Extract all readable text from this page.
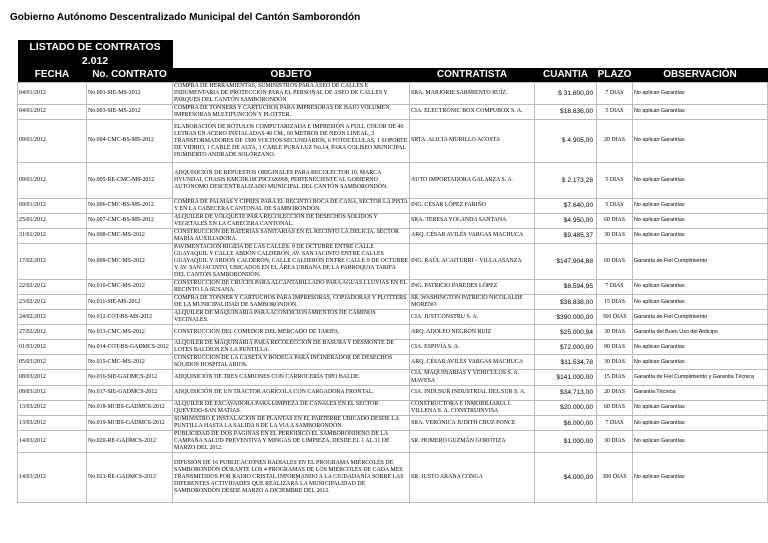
Gobierno Autónomo Descentralizado Municipal del Cantón Samborondón
LISTADO DE CONTRATOS 2.012						
FECHA	No. CONTRATO	OBJETO	CONTRATISTA	CUANTIA	PLAZO	OBSERVACIÓN
04/01/2012	No.001-SIE-MS-2012	COMPRA DE HERRAMIENTAS, SUMINISTROS PARA ASEO DE CALLES E INDUMENTARIA DE PROTECCIÓN PARA EL PERSONAL DE ASEO DE CALLES Y PARQUES DEL CANTÓN SAMBORONDÓN	SRA. MARJORIE SARMIENTO RUÍZ.	$ 31.600,00	7 DIAS	No aplican Garantías
04/01/2012	No.003-SIE-MS-2012	COMPRA DE TONNERS Y CARTUCHOS PARA IMPRESORAS DE BAJO VOLUMEN, IMPRESORAS MULTIFUNCIÓN Y PLOTTER.	CIA. ELECTRÓNIC BOX COMPUBOX S. A.	$18.636,00	5 DIAS	No aplican Garantías
09/01/2012	No.004-CMC-BS-MS-2012	ELABORACIÓN DE RÓTULOS COMPUTARIZADA E IMPRESIÓN A FULL COLOR DE 40 LETRAS EN ACERO INSTALADAS 40 CM., 60 METROS DE NEÓN LINEAL, 3 TRANSFORMADORES DE 1500 VOLTIOS SECUNDARIOS, 6 FOTOCÉLULAS, 1 SOPORTE DE VIDRIO, 1 CABLE DE ALTA, 1 CABLE PURA LUZ No.14, PARA COLISEO MUNICIPAL HUMBERTO ANDRADE SOLÓRZANO.	SRTA. ALICIA MURILLO ACOSTA	$ 4.905,00	20 DIAS	No aplican Garantías
09/01/2012	No.005-RE-CMC-MS-2012	ADQUISICIÓN DE REPUESTOS ORIGINALES PARA RECOLECTOR 10, MARCA HYUNDAI, CHASIS KMCDK18CP9CO26968, PERTENECIENTE AL GOBIERNO AUTÓNOMO DESCENTRALIZADO MUNICIPAL DEL CANTÓN SAMBORONDÓN.	AUTO IMPORTADORA GALARZA S. A.	$ 2.173,28	5 DIAS	No aplican Garantías
09/01/2012	No.006-CMC-BS-MS-2012	COMPRA DE PALMAS Y CIPRES PARA EL RECINTO BOCA DE CAÑA, SECTOR LA PISTA Y EN LA CABECERA CANTONAL DE SAMBORONDÓN.	ING. CÉSAR LÓPEZ FARIÑO	$7.640,00	5 DIAS	No aplican Garantías
25/01/2012	No.007-CMC-BS-MS-2012	ALQUILER DE VOLQUETE PARA RECOLECCIÓN DE DESECHOS SÓLIDOS Y VEGETALES EN LA CABECERA CANTONAL.	SRA. TERESA YOLANDA SANTANA	$4.950,00	60 DIAS	No aplican Garantías
31/01/2012	No.008-CMC-MS-2012	CONSTRUCCIÓN DE BATERÍAS SANITARIAS EN EL RECINTO LA DELICIA, SECTOR MARÍA AUXILIADORA.	ARQ. CÉSAR AVILÉS VARGAS MACHUCA	$9.485,37	30 DIAS	No aplican Garantías
17/02/2012	No.009-CMC-MS-2012	PAVIMENTACIÓN RÍGIDA DE LAS CALLES: 9 DE OCTUBRE ENTRE CALLE GUAYAQUIL Y CALLE ABDÓN CALDERÓN, AV. SAN JACINTO ENTRE CALLES GUAYAQUIL Y ABDÓN CALDERÓN, CALLE CALDERÓN ENTRE CALLE 9 DE OCTUBRE Y AV. SAN JACINTO, UBICADOS EN EL ÁREA URBANA DE LA PARROQUIA TARIFA DEL CANTÓN SAMBORONDÓN.	ING. RAÚL ACAITURRI – VILLA ASANZA	$147.904,88	60 DIAS	Garantía de Fiel Cumplimiento
22/02/2012	No.010-CMC-MS-2012	CONSTRUCCIÓN DE CRUCES PARA ALCANTARILLADO PARA AGUAS LLUVIAS EN EL RECINTO LA SUSANA.	ING. PATRICIO PAREDES LÓPEZ	$8.594,95	7 DIAS	No aplican Garantías
23/02/2012	No.011-SIE-MS-2012	COMPRA DE TONNER Y CARTUCHOS PARA IMPRESORAS, COPIADORAS Y PLOTTERS DE LA MUNICIPALIDAD DE SAMBORONDÓN.	SR. WASHINGTON PATRICIO NICOLALDE MORENO	$38.838,00	15 DIAS	No aplican Garantías
24/02/2012	No.012-COT-BS-MS-2012	ALQUILER DE MAQUINARIA PARA ACONDICIONAMIENTOS DE CAMINOS VECINALES.	CIA. JUSTCONSTRU S. A.	$390.000,00	360 DIAS	Garantía de Fiel Cumplimiento
27/02/2012	No.013-CMC-MS-2012	CONSTRUCCIÓN DEL COMEDOR DEL MERCADO DE TARIFA.	ARQ. ADOLFO NEGRÓN RUIZ	$25.000,94	30 DIAS	Garantía del Buen Uso del Anticipo
01/03/2012	No.014-COT-BS-GADMCS-2012	ALQUILER DE MAQUINARIA PARA RECOLECCIÓN DE BASURA Y DESMONTE DE LOTES BALDÍOS EN LA PUNTILLA.	CIA. ESPIVÍA S. A.	$72.000,00	90 DIAS	No aplican Garantías
05/03/2012	No.015-CMC-MS-2012	CONSTRUCCIÓN DE LA CASETA Y BODEGA PARA INCINERADOR DE DESECHOS SÓLIDOS HOSPITALARIOS.	ARQ. CÉSAR AVILÉS VARGAS MACHUCA	$11.534,78	30 DIAS	No aplican Garantías
08/03/2012	No.016-SIE-GADMCS-2012	ADQUISICIÓN DE TRES CAMIONES CON CARROCERÍA TIPO BALDE.	CIA. MAQUINARIAS Y VEHÍCULOS S. A. MAVESA	$141.000,00	15 DIAS	Garantía de Fiel Cumplimiento y Garantía Técnica
08/03/2012	No.017-SIE-GADMCS-2012	ADQUISICIÓN DE UN TRACTOR AGRÍCOLA CON CARGADORA FRONTAL.	CIA. INDUSUR INDUSTRIAL DEL SUR S. A.	$34.713,00	20 DIAS	Garantía Técnica
13/03/2012	No.018-MCBS-GADMCS-2012	ALQUILER DE EXCAVADORA PARA LIMPIEZA DE CANALES EN EL SECTOR QUEVEDO-SAN MATÍAS.	CONSTRUCTORA E INMOBILIARIA J. VILLENA S. A. CONSTRUINVISA	$20.000,00	60 DIAS	No aplican Garantías
13/03/2012	No.019-MCBS-GADMCS-2012	SUMINISTRO E INSTALACIÓN DE PLANTAS EN EL PARTERRE UBICADO DESDE LA PUNTILLA HASTA LA SALIDA 8 DE LA VIA A SAMBORONDÓN.	SRA. VERÓNICA JUDITH CRUZ PONCE	$6.000,00	7 DIAS	No aplican Garantías
14/03/2012	No.020-RE-GADMCS-2012	PUBLICIDAD DE DOS PÁGINAS EN EL PERIÓDICO EL SAMBORONDEÑO DE LA CAMPAÑA SALUD PREVENTIVA Y MINGAS DE LIMPIEZA, DESDE EL 1 AL 31 DE MARZO DEL 2012.	SR. HOMERO GUZMÁN GOROTIZA	$1.000,00	30 DIAS	No aplican Garantías
14/03/2012	No.021-RE-GADMCS-2012	DIFUSIÓN DE 16 PUBLICACIONES RADIALES EN EL PROGRAMA MIÉRCOLES DE SAMBORONDÓN DURANTE LOS 4 PROGRAMAS DE LOS MIÉRCOLES DE CADA MES TRANSMITIDOS POR RADIO CRISTAL INFORMANDO A LA CIUDADANÍA SOBRE LAS DIFERENTES ACTIVIDADES QUE REALIZARÁ LA MUNICIPALIDAD DE SAMBORONDÓN DESDE MARZO A DICIEMBRE DEL 2012.	SR. JUSTO ARANA CONGA	$4.000,00	300 DIAS	No aplican Garantías
